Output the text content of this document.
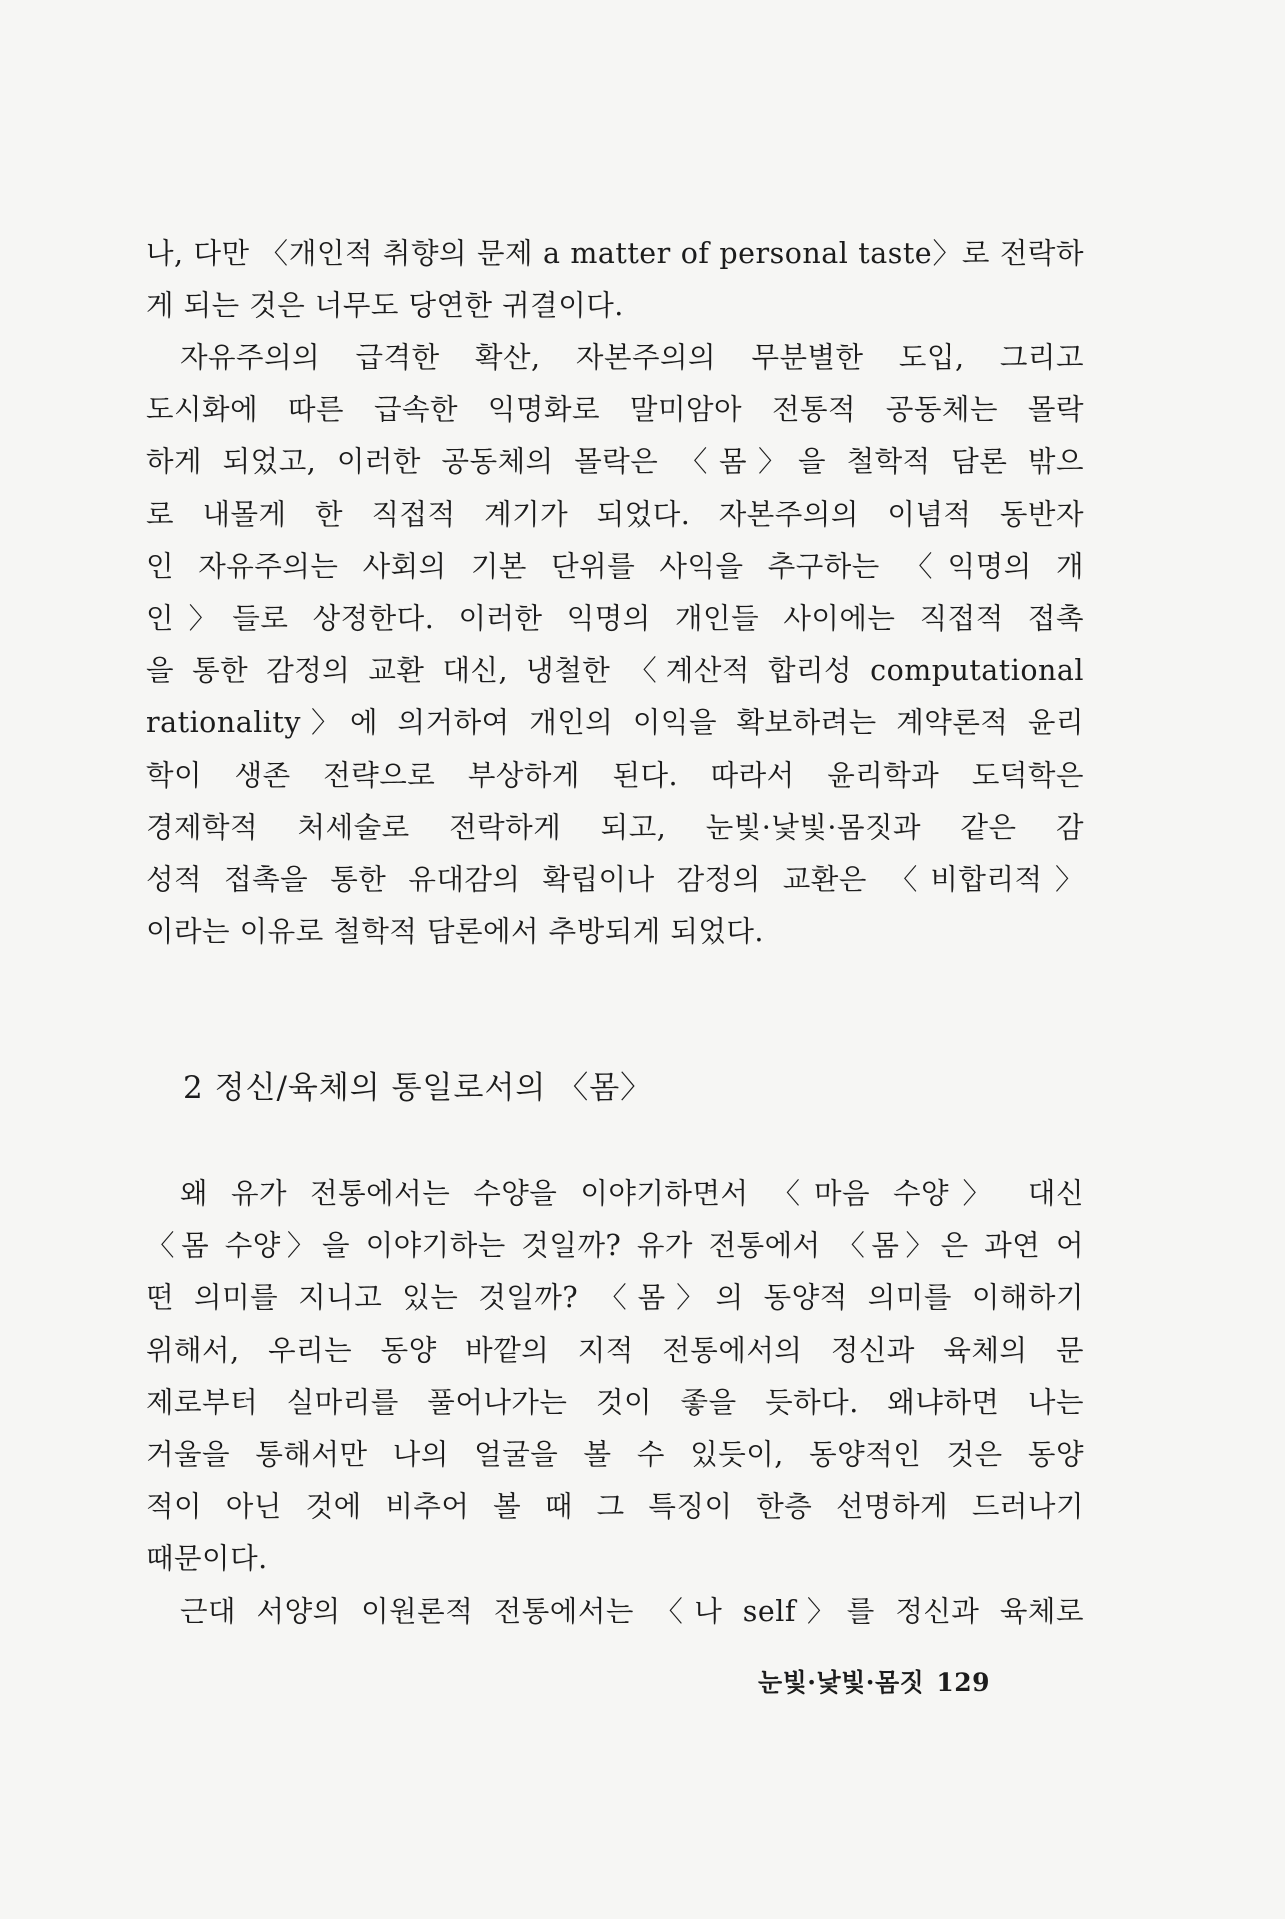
나, 다만 〈개인적 취향의 문제 a matter of personal taste〉로 전락하
게 되는 것은 너무도 당연한 귀결이다.
자유주의의 급격한 확산, 자본주의의 무분별한 도입, 그리고
도시화에 따른 급속한 익명화로 말미암아 전통적 공동체는 몰락
하게 되었고, 이러한 공동체의 몰락은 〈몸〉을 철학적 담론 밖으
로 내몰게 한 직접적 계기가 되었다. 자본주의의 이념적 동반자
인 자유주의는 사회의 기본 단위를 사익을 추구하는 〈익명의 개
인〉들로 상정한다. 이러한 익명의 개인들 사이에는 직접적 접촉
을 통한 감정의 교환 대신, 냉철한 〈계산적 합리성 computational
rationality〉에 의거하여 개인의 이익을 확보하려는 계약론적 윤리
학이 생존 전략으로 부상하게 된다. 따라서 윤리학과 도덕학은
경제학적 처세술로 전락하게 되고, 눈빛·낯빛·몸짓과 같은 감
성적 접촉을 통한 유대감의 확립이나 감정의 교환은 〈비합리적〉
이라는 이유로 철학적 담론에서 추방되게 되었다.
2 정신/육체의 통일로서의 〈몸〉
왜 유가 전통에서는 수양을 이야기하면서 〈마음 수양〉 대신
〈몸 수양〉을 이야기하는 것일까? 유가 전통에서 〈몸〉은 과연 어
떤 의미를 지니고 있는 것일까? 〈몸〉의 동양적 의미를 이해하기
위해서, 우리는 동양 바깥의 지적 전통에서의 정신과 육체의 문
제로부터 실마리를 풀어나가는 것이 좋을 듯하다. 왜냐하면 나는
거울을 통해서만 나의 얼굴을 볼 수 있듯이, 동양적인 것은 동양
적이 아닌 것에 비추어 볼 때 그 특징이 한층 선명하게 드러나기
때문이다.
근대 서양의 이원론적 전통에서는 〈나 self〉를 정신과 육체로
눈빛·낯빛·몸짓 129
